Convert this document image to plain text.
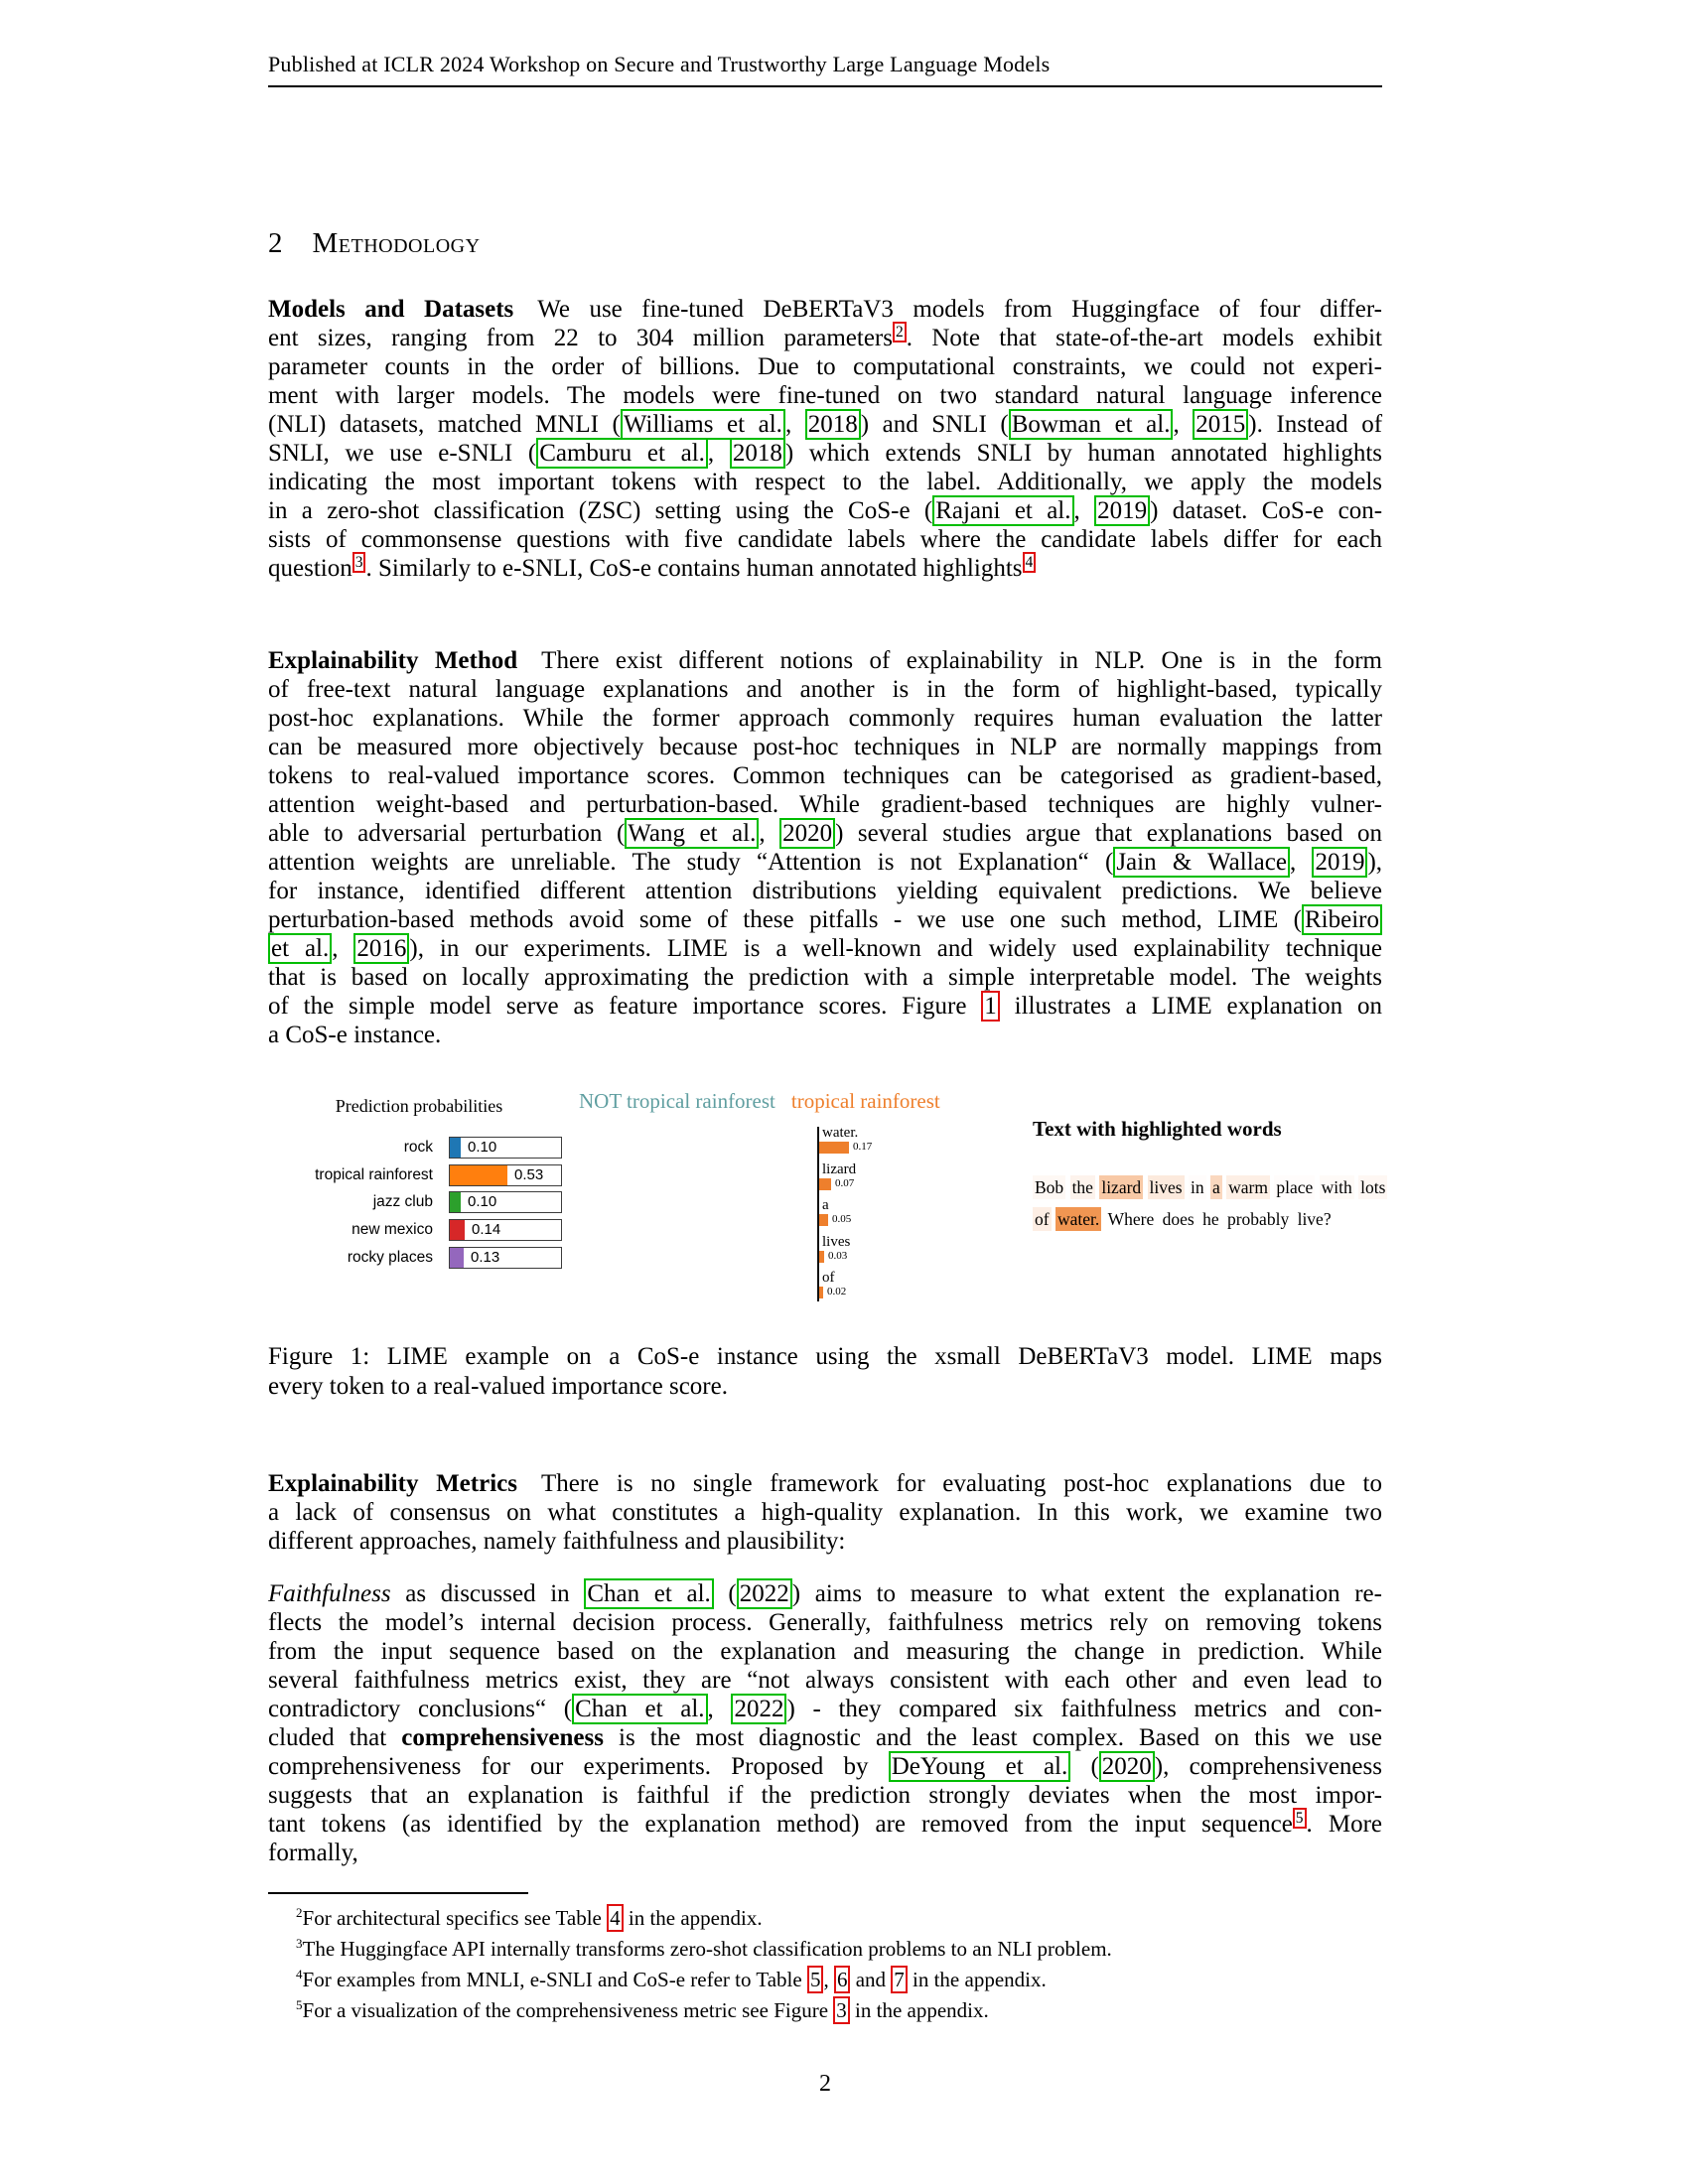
Published at ICLR 2024 Workshop on Secure and Trustworthy Large Language Models
2 Methodology
Models and Datasets We use fine-tuned DeBERTaV3 models from Huggingface of four differ-
ent sizes, ranging from 22 to 304 million parameters $^2$ . Note that state-of-the-art models exhibit
parameter counts in the order of billions. Due to computational constraints, we could not experi-
ment with larger models. The models were fine-tuned on two standard natural language inference
(NLI) datasets, matched MNLI ( Williams et al. , 2018 ) and SNLI ( Bowman et al. , 2015 ). Instead of
SNLI, we use e-SNLI ( Camburu et al. , 2018 ) which extends SNLI by human annotated highlights
indicating the most important tokens with respect to the label. Additionally, we apply the models
in a zero-shot classification (ZSC) setting using the CoS-e ( Rajani et al. , 2019 ) dataset. CoS-e con-
sists of commonsense questions with five candidate labels where the candidate labels differ for each
question $^3$ . Similarly to e-SNLI, CoS-e contains human annotated highlights $^4$
Explainability Method There exist different notions of explainability in NLP. One is in the form
of free-text natural language explanations and another is in the form of highlight-based, typically
post-hoc explanations. While the former approach commonly requires human evaluation the latter
can be measured more objectively because post-hoc techniques in NLP are normally mappings from
tokens to real-valued importance scores. Common techniques can be categorised as gradient-based,
attention weight-based and perturbation-based. While gradient-based techniques are highly vulner-
able to adversarial perturbation ( Wang et al. , 2020 ) several studies argue that explanations based on
attention weights are unreliable. The study “Attention is not Explanation“ ( Jain & Wallace , 2019 ),
for instance, identified different attention distributions yielding equivalent predictions. We believe
perturbation-based methods avoid some of these pitfalls - we use one such method, LIME ( Ribeiro
et al. , 2016 ), in our experiments. LIME is a well-known and widely used explainability technique
that is based on locally approximating the prediction with a simple interpretable model. The weights
of the simple model serve as feature importance scores. Figure 1 illustrates a LIME explanation on
a CoS-e instance.
Explainability Metrics There is no single framework for evaluating post-hoc explanations due to
a lack of consensus on what constitutes a high-quality explanation. In this work, we examine two
different approaches, namely faithfulness and plausibility:
Faithfulness as discussed in Chan et al. ( 2022 ) aims to measure to what extent the explanation re-
flects the model’s internal decision process. Generally, faithfulness metrics rely on removing tokens
from the input sequence based on the explanation and measuring the change in prediction. While
several faithfulness metrics exist, they are “not always consistent with each other and even lead to
contradictory conclusions“ ( Chan et al. , 2022 ) - they compared six faithfulness metrics and con-
cluded that comprehensiveness is the most diagnostic and the least complex. Based on this we use
comprehensiveness for our experiments. Proposed by DeYoung et al. ( 2020 ), comprehensiveness
suggests that an explanation is faithful if the prediction strongly deviates when the most impor-
tant tokens (as identified by the explanation method) are removed from the input sequence $^5$ . More
formally,
Prediction probabilities
rock 0.10
tropical rainforest	0.53
jazz club 0.10
new mexico	0.14
rocky places	0.13
NOT tropical rainforest tropical rainforest
water.
0.17
lizard
0.07
a
0.05
lives
0.03
of
0.02
Text with highlighted words
Bob the lizard lives in a warm place with lots
of water. Where does he probably live?
Figure 1: LIME example on a CoS-e instance using the xsmall DeBERTaV3 model. LIME maps
every token to a real-valued importance score.
$^2$For architectural specifics see Table 4 in the appendix.
$^3$The Huggingface API internally transforms zero-shot classification problems to an NLI problem.
$^4$For examples from MNLI, e-SNLI and CoS-e refer to Table 5 , 6 and 7 in the appendix.
$^5$For a visualization of the comprehensiveness metric see Figure 3 in the appendix.
2
